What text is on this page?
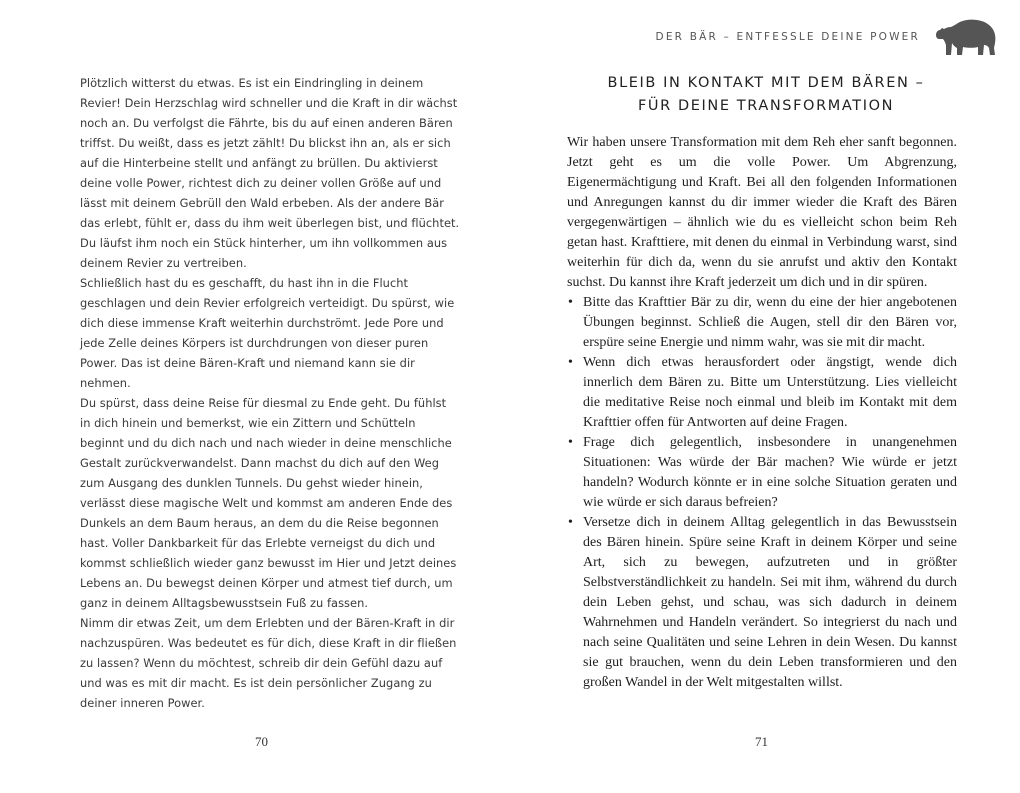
Plötzlich witterst du etwas. Es ist ein Eindringling in deinem Revier! Dein Herzschlag wird schneller und die Kraft in dir wächst noch an. Du verfolgst die Fährte, bis du auf einen anderen Bären triffst. Du weißt, dass es jetzt zählt! Du blickst ihn an, als er sich auf die Hinterbeine stellt und anfängt zu brüllen. Du aktivierst deine volle Power, richtest dich zu deiner vollen Größe auf und lässt mit deinem Gebrüll den Wald erbeben. Als der andere Bär das erlebt, fühlt er, dass du ihm weit überlegen bist, und flüchtet. Du läufst ihm noch ein Stück hinterher, um ihn vollkommen aus deinem Revier zu vertreiben.

Schließlich hast du es geschafft, du hast ihn in die Flucht geschlagen und dein Revier erfolgreich verteidigt. Du spürst, wie dich diese immense Kraft weiterhin durchströmt. Jede Pore und jede Zelle deines Körpers ist durchdrungen von dieser puren Power. Das ist deine Bären-Kraft und niemand kann sie dir nehmen.

Du spürst, dass deine Reise für diesmal zu Ende geht. Du fühlst in dich hinein und bemerkst, wie ein Zittern und Schütteln beginnt und du dich nach und nach wieder in deine menschliche Gestalt zurückverwandelst. Dann machst du dich auf den Weg zum Ausgang des dunklen Tunnels. Du gehst wieder hinein, verlässt diese magische Welt und kommst am anderen Ende des Dunkels an dem Baum heraus, an dem du die Reise begonnen hast. Voller Dankbarkeit für das Erlebte verneigst du dich und kommst schließlich wieder ganz bewusst im Hier und Jetzt deines Lebens an. Du bewegst deinen Körper und atmest tief durch, um ganz in deinem Alltagsbewusstsein Fuß zu fassen.

Nimm dir etwas Zeit, um dem Erlebten und der Bären-Kraft in dir nachzuspüren. Was bedeutet es für dich, diese Kraft in dir fließen zu lassen? Wenn du möchtest, schreib dir dein Gefühl dazu auf und was es mit dir macht. Es ist dein persönlicher Zugang zu deiner inneren Power.

70
DER BÄR – ENTFESSLE DEINE POWER
BLEIB IN KONTAKT MIT DEM BÄREN –
FÜR DEINE TRANSFORMATION

Wir haben unsere Transformation mit dem Reh eher sanft begonnen. Jetzt geht es um die volle Power. Um Abgrenzung, Eigenermächtigung und Kraft. Bei all den folgenden Informationen und Anregungen kannst du dir immer wieder die Kraft des Bären vergegenwärtigen – ähnlich wie du es vielleicht schon beim Reh getan hast. Krafttiere, mit denen du einmal in Verbindung warst, sind weiterhin für dich da, wenn du sie anrufst und aktiv den Kontakt suchst. Du kannst ihre Kraft jederzeit um dich und in dir spüren.

• Bitte das Krafttier Bär zu dir, wenn du eine der hier angebotenen Übungen beginnst. Schließ die Augen, stell dir den Bären vor, erspüre seine Energie und nimm wahr, was sie mit dir macht.
• Wenn dich etwas herausfordert oder ängstigt, wende dich innerlich dem Bären zu. Bitte um Unterstützung. Lies vielleicht die meditative Reise noch einmal und bleib im Kontakt mit dem Krafttier offen für Antworten auf deine Fragen.
• Frage dich gelegentlich, insbesondere in unangenehmen Situationen: Was würde der Bär machen? Wie würde er jetzt handeln? Wodurch könnte er in eine solche Situation geraten und wie würde er sich daraus befreien?
• Versetze dich in deinem Alltag gelegentlich in das Bewusstsein des Bären hinein. Spüre seine Kraft in deinem Körper und seine Art, sich zu bewegen, aufzutreten und in größter Selbstverständlichkeit zu handeln. Sei mit ihm, während du durch dein Leben gehst, und schau, was sich dadurch in deinem Wahrnehmen und Handeln verändert. So integrierst du nach und nach seine Qualitäten und seine Lehren in dein Wesen. Du kannst sie gut brauchen, wenn du dein Leben transformieren und den großen Wandel in der Welt mitgestalten willst.
71
